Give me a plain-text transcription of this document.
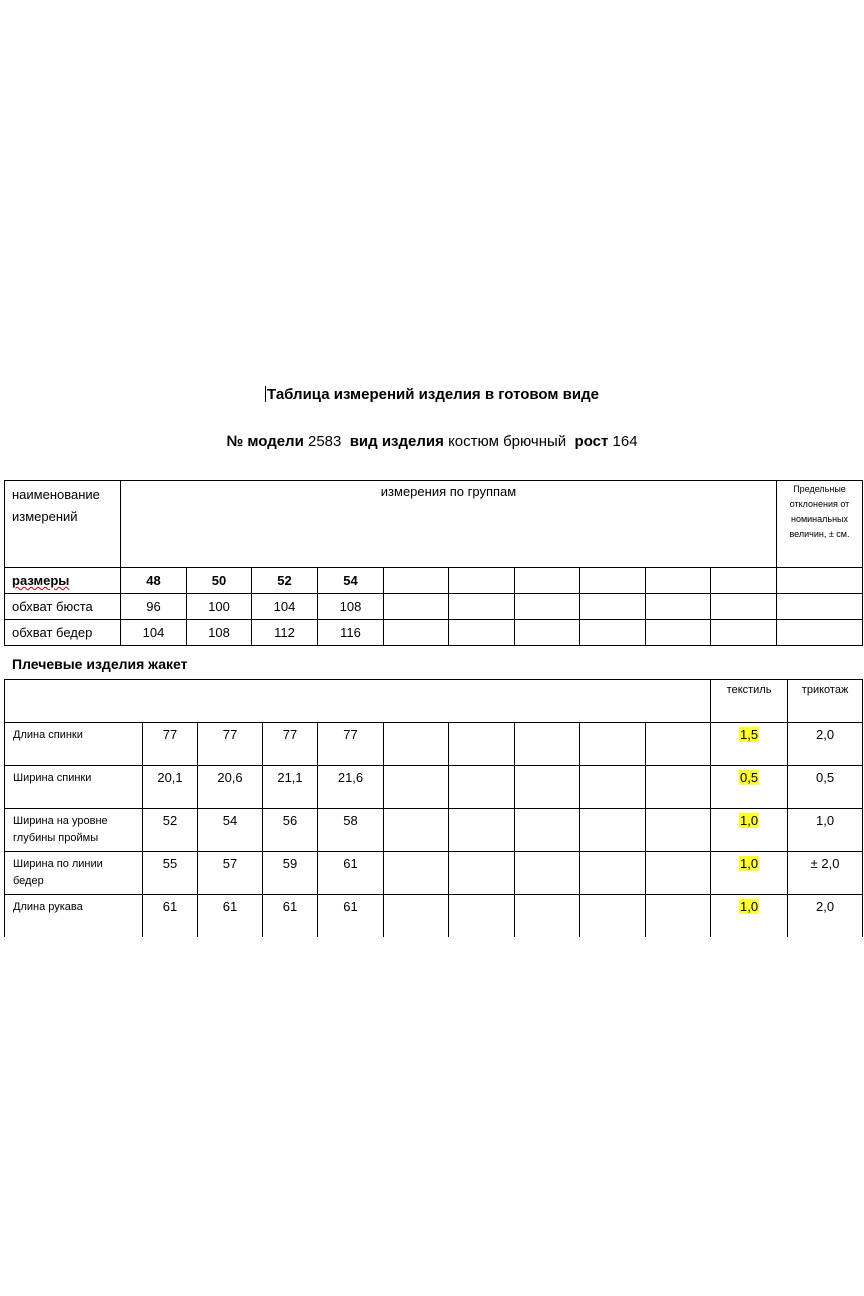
Таблица измерений изделия в готовом виде
№ модели 2583 вид изделия костюм брючный рост 164
наименование измерений	измерения по группам										Предельные отклонения от номинальных величин, ± см.
размеры	48	50	52	54							
обхват бюста	96	100	104	108							
обхват бедер	104	108	112	116							
Плечевые изделия жакет
										текстиль	трикотаж
Длина спинки	77	77	77	77						1,5	2,0
Ширина спинки	20,1	20,6	21,1	21,6						0,5	0,5
Ширина на уровне глубины проймы	52	54	56	58						1,0	1,0
Ширина по линии бедер	55	57	59	61						1,0	± 2,0
Длина рукава	61	61	61	61						1,0	2,0
